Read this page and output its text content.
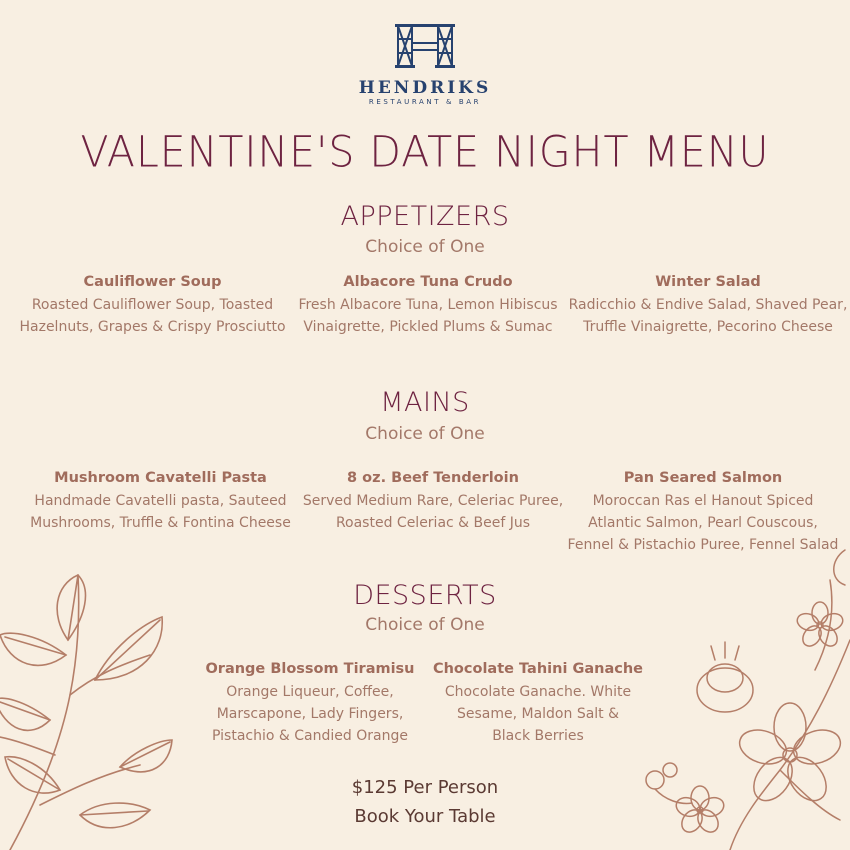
HENDRIKS
RESTAURANT & BAR
VALENTINE'S DATE NIGHT MENU
APPETIZERS
Choice of One
Cauliflower Soup
Roasted Cauliflower Soup, Toasted
Hazelnuts, Grapes & Crispy Prosciutto
Albacore Tuna Crudo
Fresh Albacore Tuna, Lemon Hibiscus
Vinaigrette, Pickled Plums & Sumac
Winter Salad
Radicchio & Endive Salad, Shaved Pear,
Truffle Vinaigrette, Pecorino Cheese
MAINS
Choice of One
Mushroom Cavatelli Pasta
Handmade Cavatelli pasta, Sauteed
Mushrooms, Truffle & Fontina Cheese
8 oz. Beef Tenderloin
Served Medium Rare, Celeriac Puree,
Roasted Celeriac & Beef Jus
Pan Seared Salmon
Moroccan Ras el Hanout Spiced
Atlantic Salmon, Pearl Couscous,
Fennel & Pistachio Puree, Fennel Salad
DESSERTS
Choice of One
Orange Blossom Tiramisu
Orange Liqueur, Coffee,
Marscapone, Lady Fingers,
Pistachio & Candied Orange
Chocolate Tahini Ganache
Chocolate Ganache. White
Sesame, Maldon Salt &
Black Berries
$125 Per Person
Book Your Table
